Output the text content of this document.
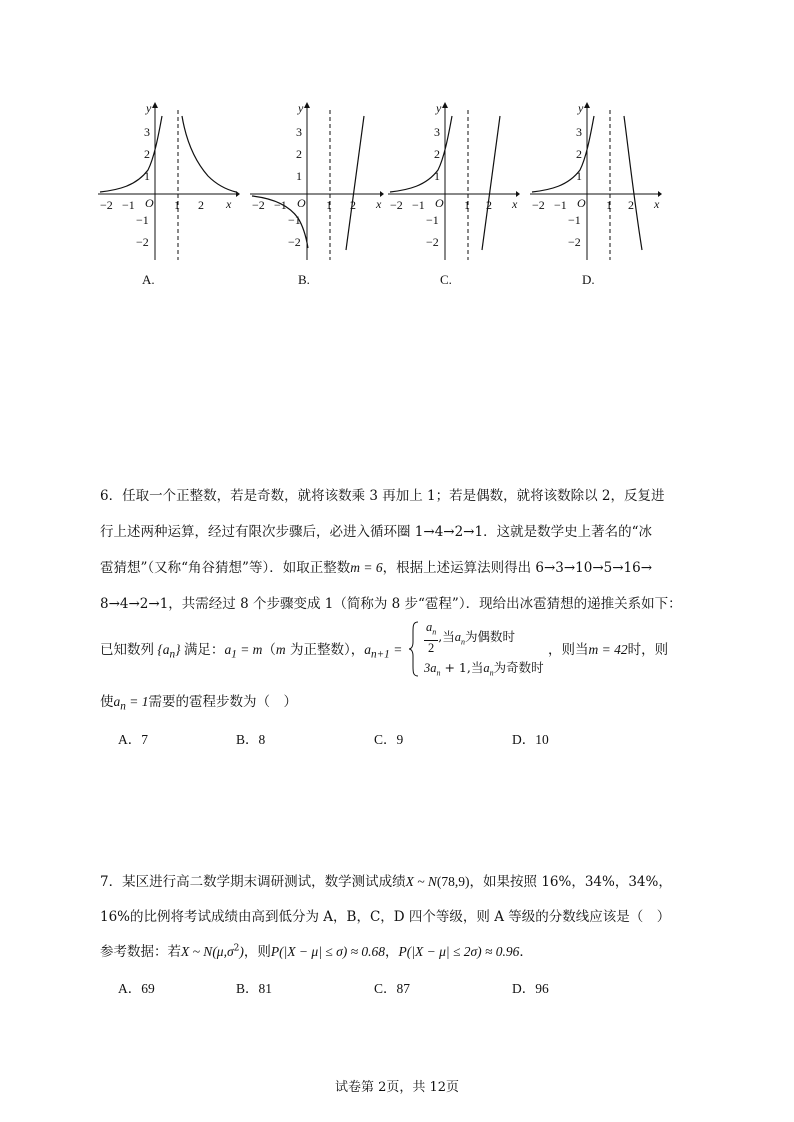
y
x
O
−2 −1	1 2
3
2
1
−1
−2
y
x
O
−2 −1	1 2
3
2
1
−1
−2
y
x
O
−2 −1	1 2
3
2
1
−1
−2
y
x
O
−2 −1	1 2
3
2
1
−1
−2
A.	B.	C.	D.
6．任取一个正整数，若是奇数，就将该数乘 3 再加上 1；若是偶数，就将该数除以 2，反复进
行上述两种运算，经过有限次步骤后，必进入循环圈 1→4→2→1．这就是数学史上著名的“冰
雹猜想”（又称“角谷猜想”等）．如取正整数m = 6，根据上述运算法则得出 6→3→10→5→16→
8→4→2→1，共需经过 8 个步骤变成 1（简称为 8 步“雹程”）．现给出冰雹猜想的递推关系如下：
已知数列 $\{a_n\}$ 满足：$a_1 = m(m$ 为正整数），$a_{n+1} = \frac{a_n}{2}$ ,当$a_n$为偶数时
$3a_n + 1$,当$a_n$为奇数时
，则当m = 42时，则
使$a_n = 1$需要的雹程步数为（　）
A．7	B．8	C．9	D．10
7．某区进行高二数学期末调研测试，数学测试成绩X ~ N(78,9)，如果按照 16%，34%，34%，
16%的比例将考试成绩由高到低分为 A，B，C，D 四个等级，则 A 等级的分数线应该是（　）
参考数据：若X ~ $N(\mu,\sigma^2)$，则P(|X − μ| ≤ σ) ≈ 0.68，P(|X − μ| ≤ 2σ) ≈ 0.96．
A．69	B．81	C．87	D．96
试卷第 2页，共 12页
